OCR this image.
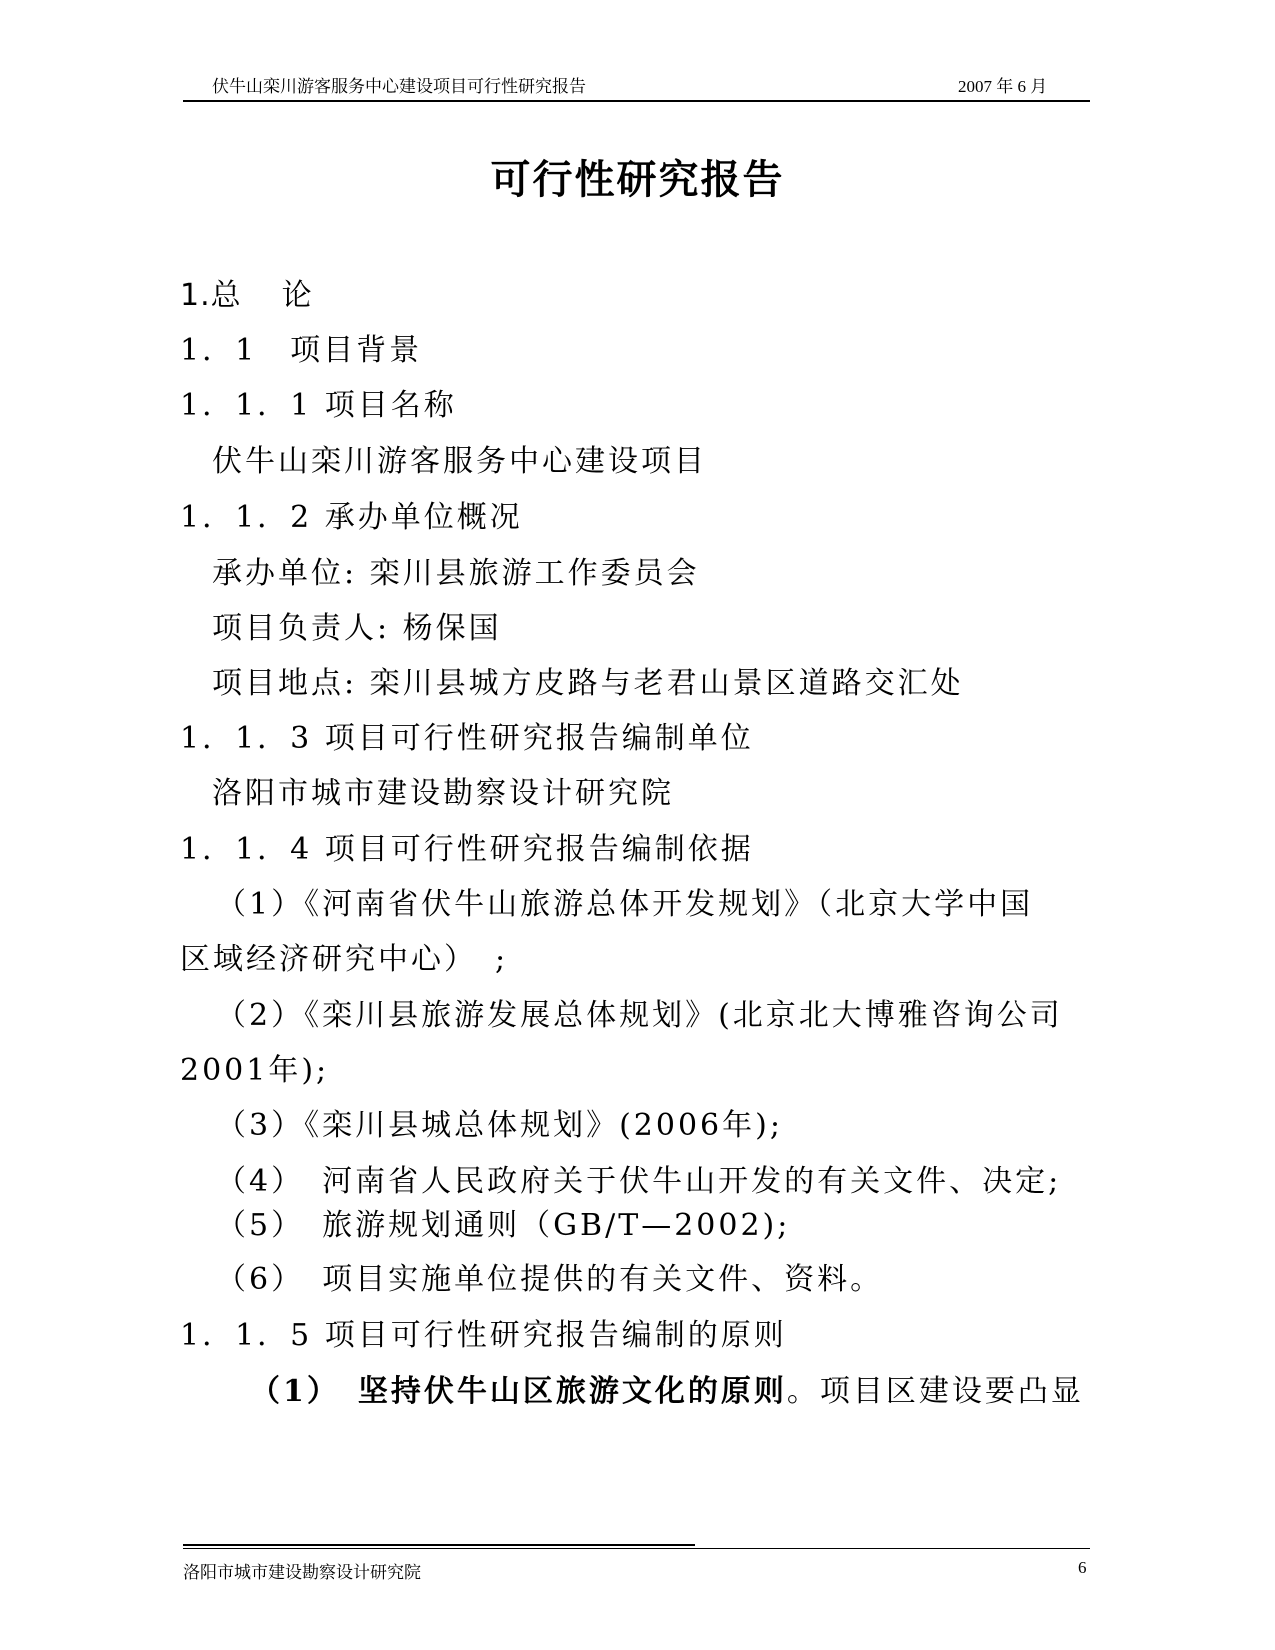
伏牛山栾川游客服务中心建设项目可行性研究报告	2007 年 6 月
可行性研究报告
1.总 论
1．1　项目背景
1．1．1 项目名称
伏牛山栾川游客服务中心建设项目
1．1．2 承办单位概况
承办单位: 栾川县旅游工作委员会
项目负责人: 杨保国
项目地点: 栾川县城方皮路与老君山景区道路交汇处
1．1．3 项目可行性研究报告编制单位
洛阳市城市建设勘察设计研究院
1．1．4 项目可行性研究报告编制依据
（1）《河南省伏牛山旅游总体开发规划》（北京大学中国
区域经济研究中心）　;
（2）《栾川县旅游发展总体规划》(北京北大博雅咨询公司
2001年);
（3）《栾川县城总体规划》(2006年);
（4）　河南省人民政府关于伏牛山开发的有关文件、决定;
（5）　旅游规划通则（GB/T—2002);
（6）　项目实施单位提供的有关文件、资料。
1．1．5 项目可行性研究报告编制的原则
（1） 坚持伏牛山区旅游文化的原则。项目区建设要凸显
洛阳市城市建设勘察设计研究院	6
